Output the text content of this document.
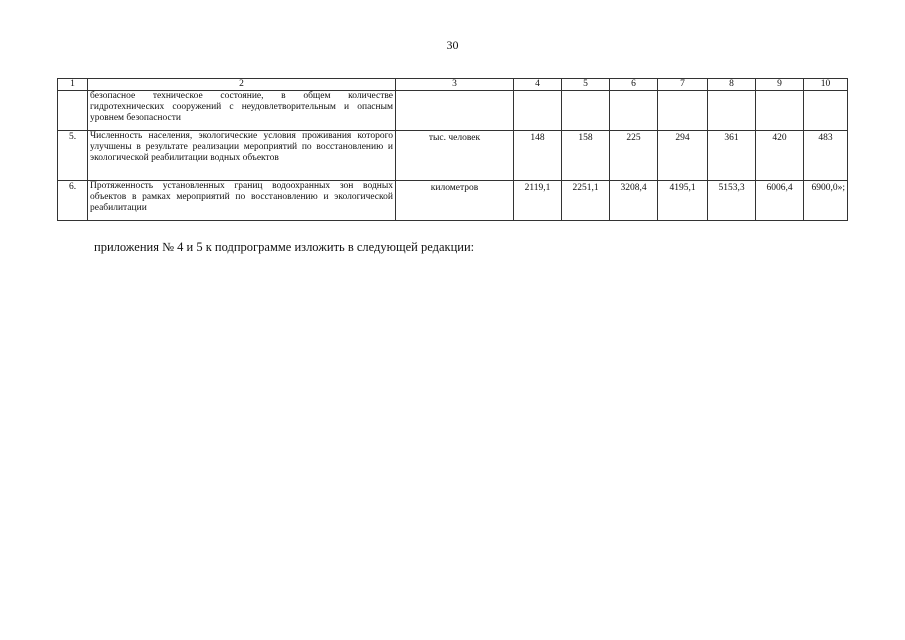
30
1	2	3	4	5	6	7	8	9	10
	безопасное техническое состояние, в общем количестве гидротехнических сооружений с неудовлетворительным и опасным уровнем безопасности								
5.	Численность населения, экологические условия проживания которого улучшены в результате реализации мероприятий по восстановлению и экологической реабилитации водных объектов	тыс. человек	148	158	225	294	361	420	483
6.	Протяженность установленных границ водоохранных зон водных объектов в рамках мероприятий по восстановлению и экологической реабилитации	километров	2119,1	2251,1	3208,4	4195,1	5153,3	6006,4	6900,0»;
приложения № 4 и 5 к подпрограмме изложить в следующей редакции:
